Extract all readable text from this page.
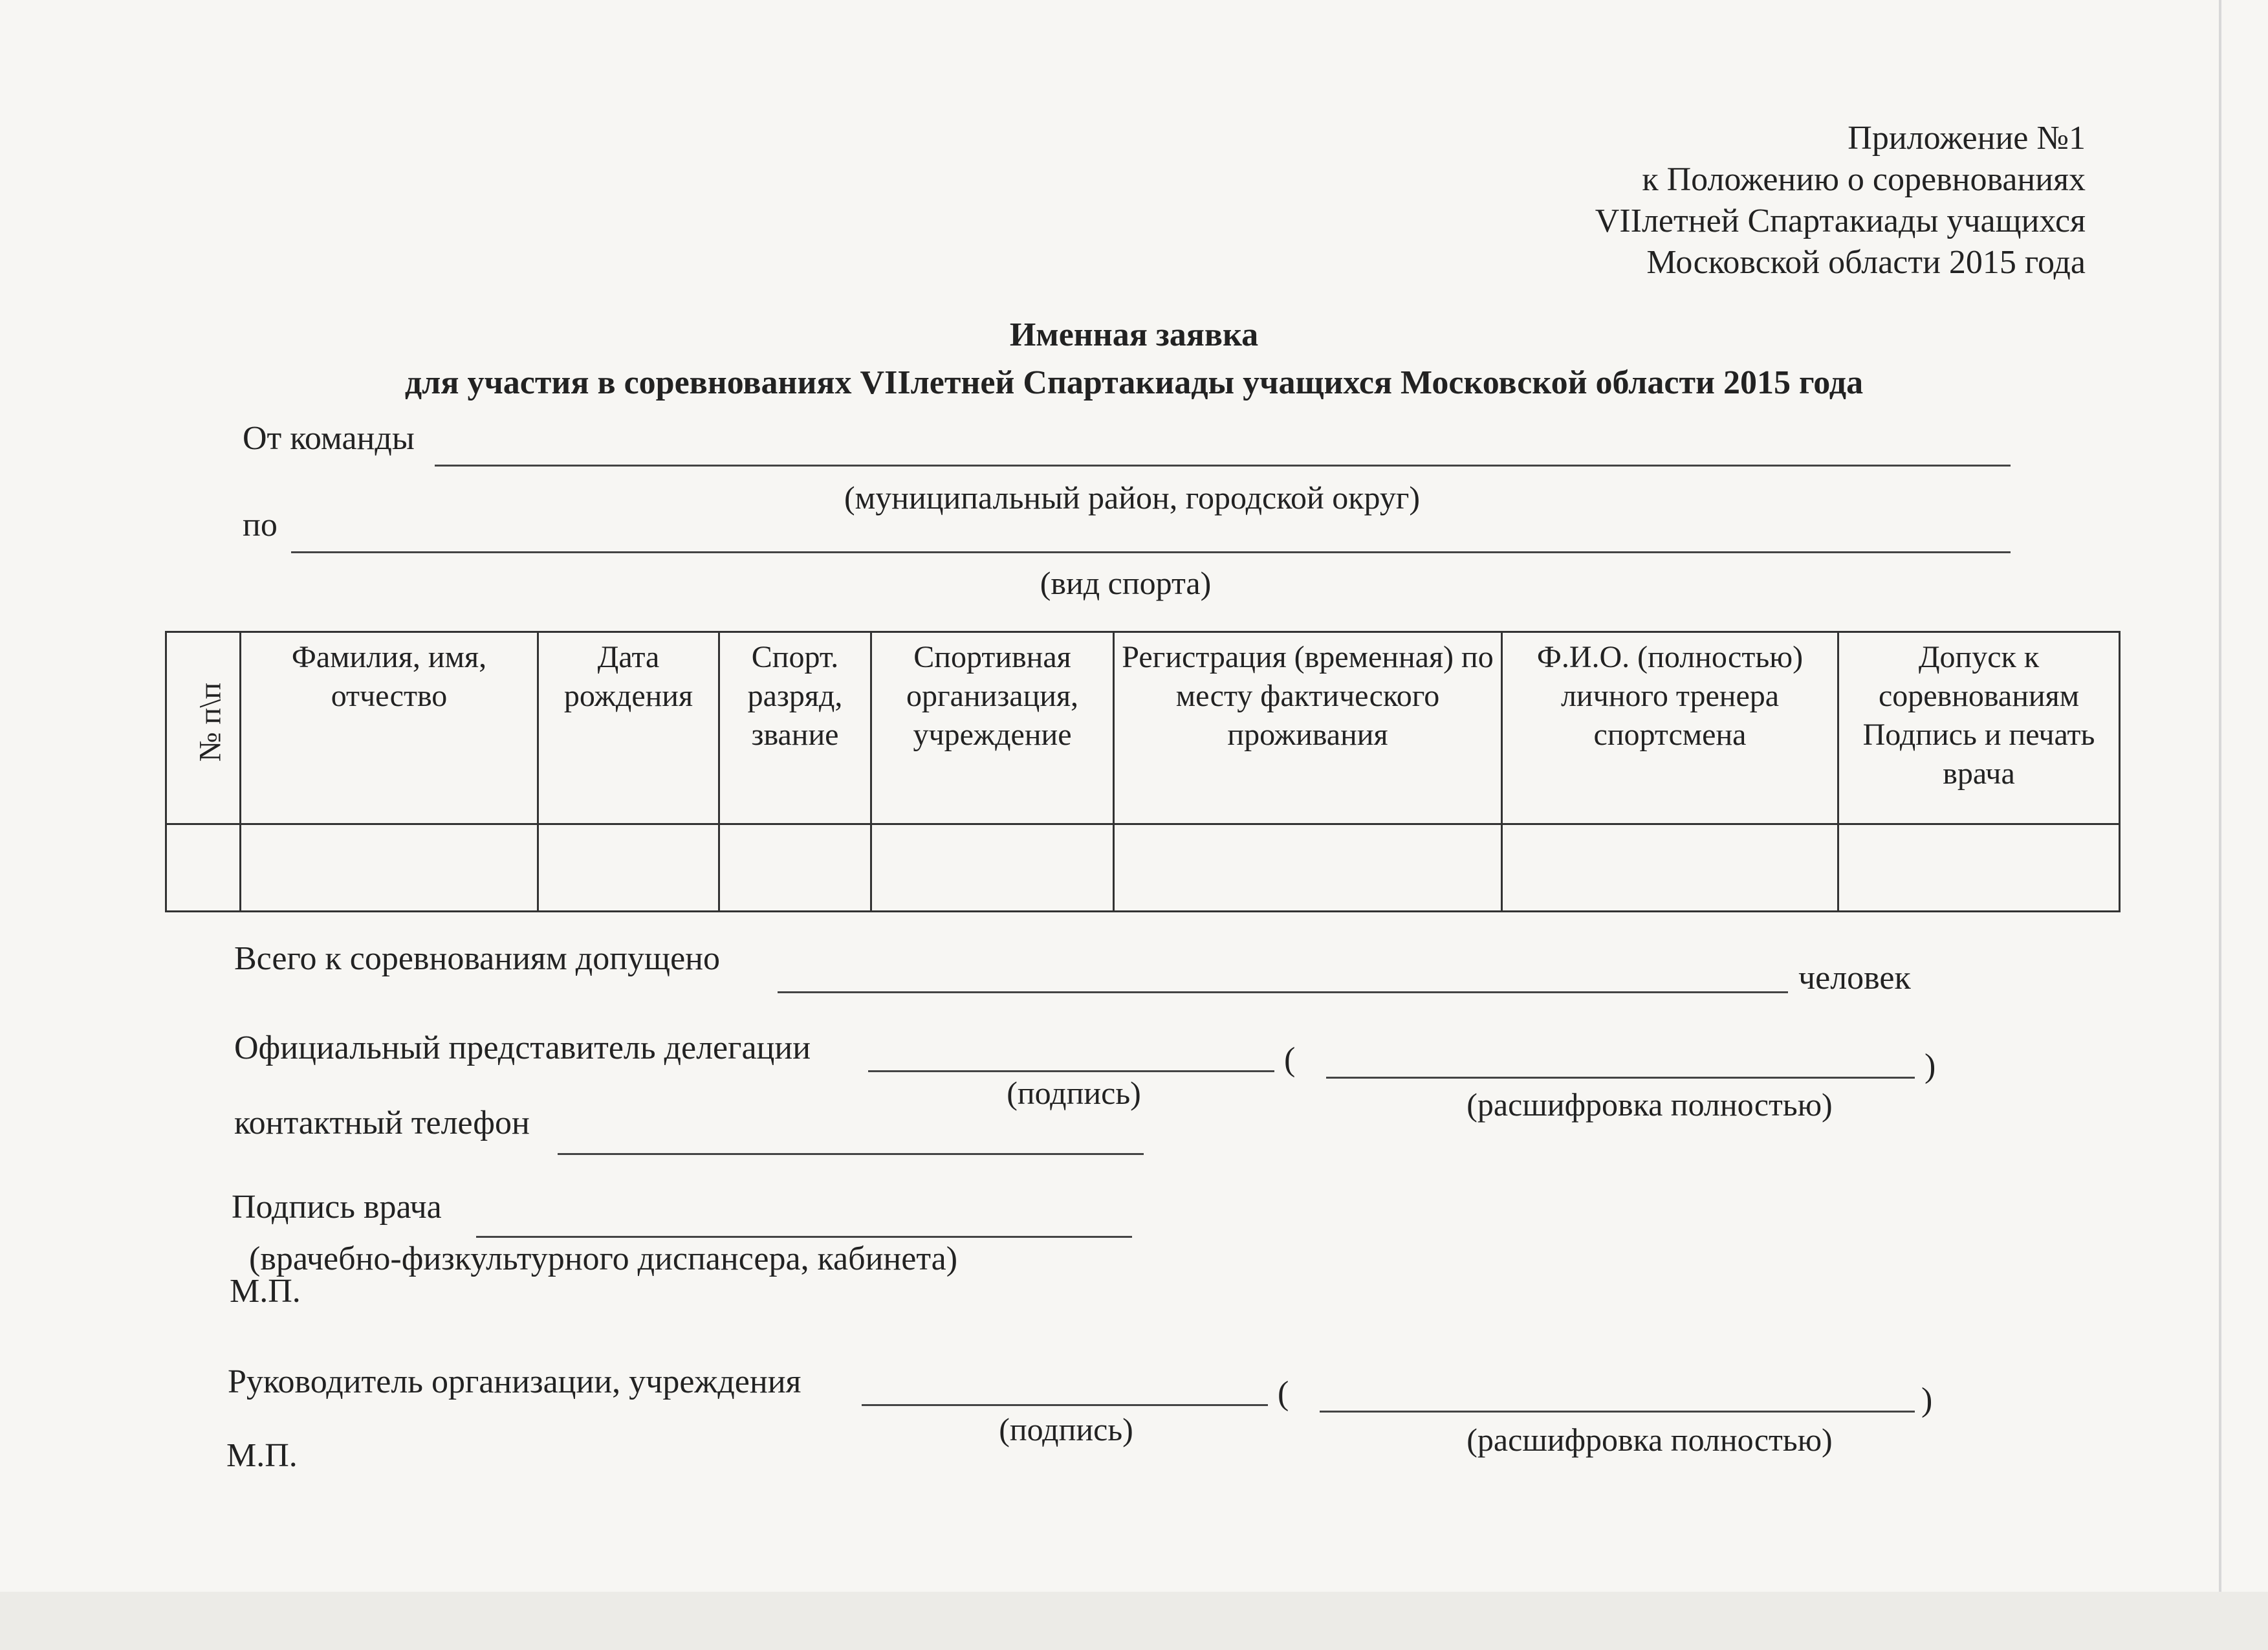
Приложение №1
к Положению о соревнованиях
VIIлетней Спартакиады учащихся
Московской области 2015 года
Именная заявка
для участия в соревнованиях VIIлетней Спартакиады учащихся Московской области 2015 года
От команды
(муниципальный район, городской округ)
по
(вид спорта)
№ п\п	Фамилия, имя, отчество	Дата рождения	Спорт. разряд, звание	Спортивная организация, учреждение	Регистрация (временная) по месту фактического проживания	Ф.И.О. (полностью) личного тренера спортсмена	Допуск к соревнованиям Подпись и печать врача

Всего к соревнованиям допущено
человек
Официальный представитель делегации	(	)
(подпись)	(расшифровка полностью)
контактный телефон
Подпись врача
(врачебно-физкультурного диспансера, кабинета)
М.П.
Руководитель организации, учреждения	(	)
(подпись)	(расшифровка полностью)
М.П.
